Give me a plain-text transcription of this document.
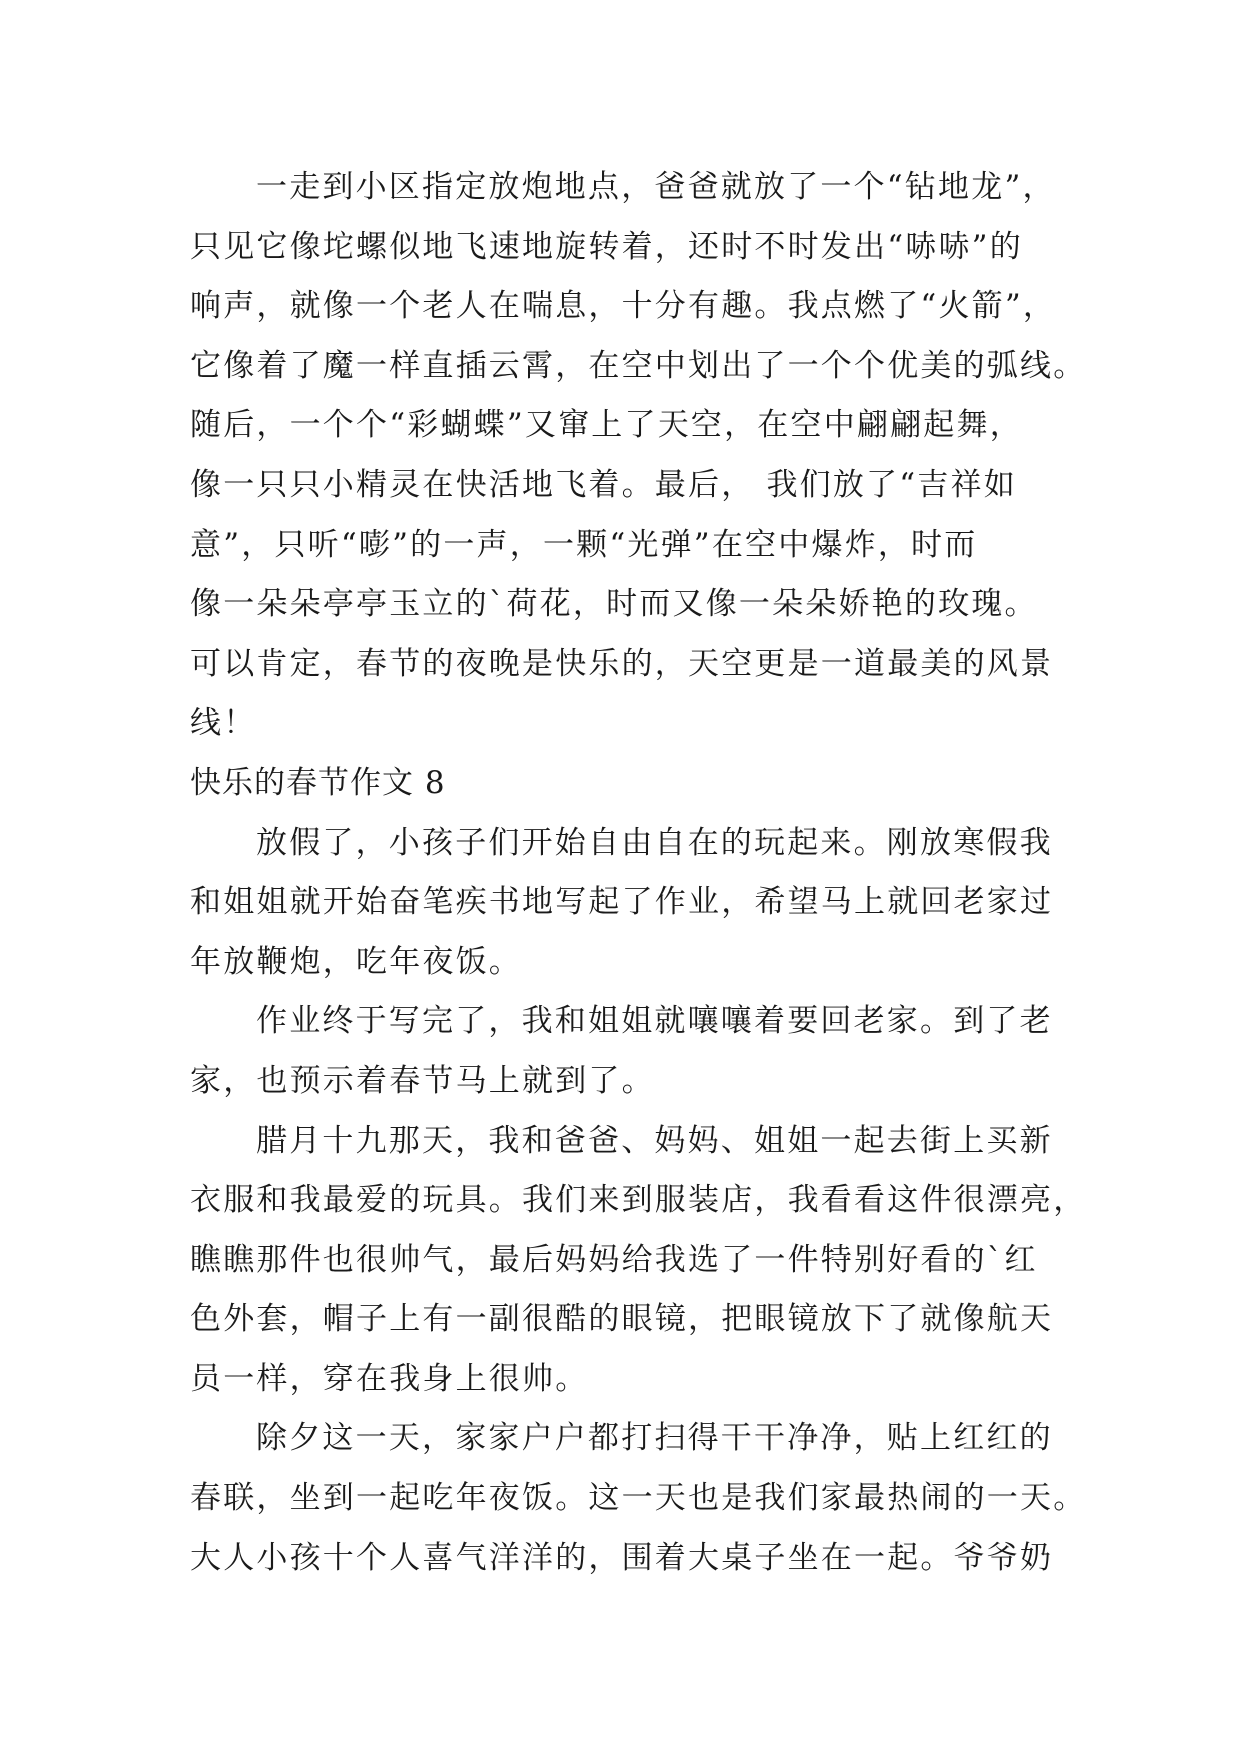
一走到小区指定放炮地点，爸爸就放了一个“钻地龙”，
只见它像坨螺似地飞速地旋转着，还时不时发出“哧哧”的
响声，就像一个老人在喘息，十分有趣。我点燃了“火箭”，
它像着了魔一样直插云霄，在空中划出了一个个优美的弧线。
随后，一个个“彩蝴蝶”又窜上了天空，在空中翩翩起舞，
像一只只小精灵在快活地飞着。最后， 我们放了“吉祥如
意”，只听“嘭”的一声，一颗“光弹”在空中爆炸，时而
像一朵朵亭亭玉立的`荷花，时而又像一朵朵娇艳的玫瑰。
可以肯定，春节的夜晚是快乐的，天空更是一道最美的风景
线！
快乐的春节作文 8
放假了，小孩子们开始自由自在的玩起来。刚放寒假我
和姐姐就开始奋笔疾书地写起了作业，希望马上就回老家过
年放鞭炮，吃年夜饭。
作业终于写完了，我和姐姐就嚷嚷着要回老家。到了老
家，也预示着春节马上就到了。
腊月十九那天，我和爸爸、妈妈、姐姐一起去街上买新
衣服和我最爱的玩具。我们来到服装店，我看看这件很漂亮，
瞧瞧那件也很帅气，最后妈妈给我选了一件特别好看的`红
色外套，帽子上有一副很酷的眼镜，把眼镜放下了就像航天
员一样，穿在我身上很帅。
除夕这一天，家家户户都打扫得干干净净，贴上红红的
春联，坐到一起吃年夜饭。这一天也是我们家最热闹的一天。
大人小孩十个人喜气洋洋的，围着大桌子坐在一起。爷爷奶
